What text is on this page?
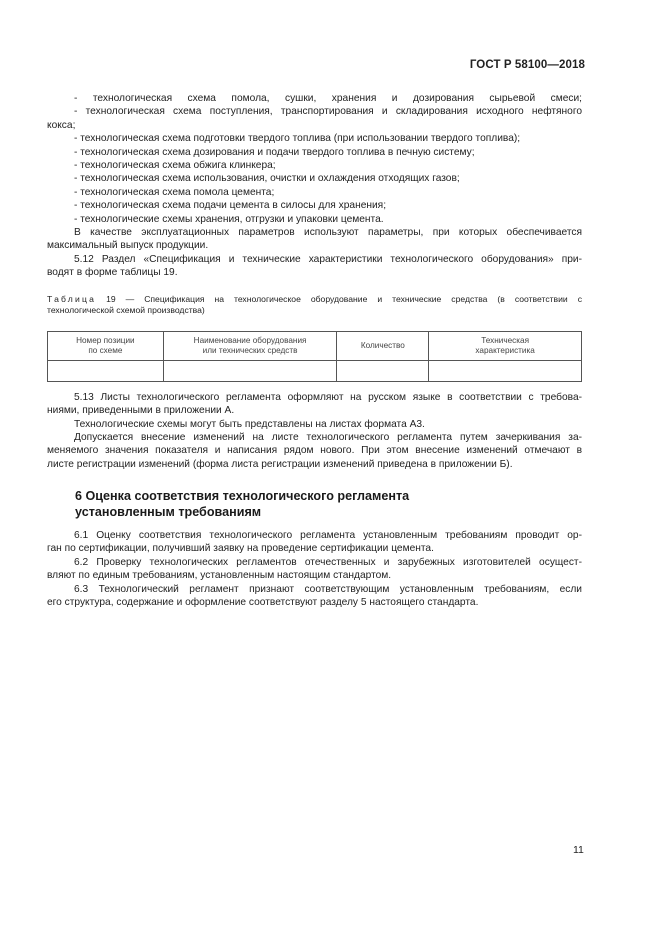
ГОСТ Р 58100—2018
- технологическая схема помола, сушки, хранения и дозирования сырьевой смеси;
- технологическая схема поступления, транспортирования и складирования исходного нефтяного
кокса;
- технологическая схема подготовки твердого топлива (при использовании твердого топлива);
- технологическая схема дозирования и подачи твердого топлива в печную систему;
- технологическая схема обжига клинкера;
- технологическая схема использования, очистки и охлаждения отходящих газов;
- технологическая схема помола цемента;
- технологическая схема подачи цемента в силосы для хранения;
- технологические схемы хранения, отгрузки и упаковки цемента.
В качестве эксплуатационных параметров используют параметры, при которых обеспечивается
максимальный выпуск продукции.
5.12 Раздел «Спецификация и технические характеристики технологического оборудования» при-
водят в форме таблицы 19.
Таблица 19 — Спецификация на технологическое оборудование и технические средства (в соответствии с
технологической схемой производства)
Номер позиции
по схеме	Наименование оборудования
или технических средств	Количество	Техническая
характеристика

5.13 Листы технологического регламента оформляют на русском языке в соответствии с требова-
ниями, приведенными в приложении А.
Технологические схемы могут быть представлены на листах формата А3.
Допускается внесение изменений на листе технологического регламента путем зачеркивания за-
меняемого значения показателя и написания рядом нового. При этом внесение изменений отмечают в
листе регистрации изменений (форма листа регистрации изменений приведена в приложении Б).
6 Оценка соответствия технологического регламента
установленным требованиям
6.1 Оценку соответствия технологического регламента установленным требованиям проводит ор-
ган по сертификации, получивший заявку на проведение сертификации цемента.
6.2 Проверку технологических регламентов отечественных и зарубежных изготовителей осущест-
вляют по единым требованиям, установленным настоящим стандартом.
6.3 Технологический регламент признают соответствующим установленным требованиям, если
его структура, содержание и оформление соответствуют разделу 5 настоящего стандарта.
11
